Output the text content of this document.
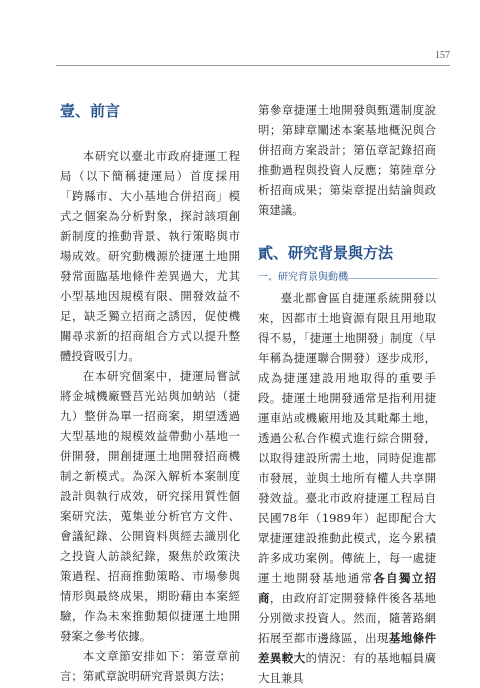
157
壹、前言

本研究以臺北市政府捷運工程局（以下簡稱捷運局）首度採用「跨縣市、大小基地合併招商」模式之個案為分析對象，探討該項創新制度的推動背景、執行策略與市場成效。研究動機源於捷運土地開發常面臨基地條件差異過大，尤其小型基地因規模有限、開發效益不足，缺乏獨立招商之誘因，促使機關尋求新的招商組合方式以提升整體投資吸引力。

在本研究個案中，捷運局嘗試將金城機廠暨莒光站與加蚋站（捷九）整併為單一招商案，期望透過大型基地的規模效益帶動小基地一併開發，開創捷運土地開發招商機制之新模式。為深入解析本案制度設計與執行成效，研究採用質性個案研究法，蒐集並分析官方文件、會議紀錄、公開資料與經去識別化之投資人訪談紀錄，聚焦於政策決策過程、招商推動策略、市場參與情形與最終成果，期盼藉由本案經驗，作為未來推動類似捷運土地開發案之參考依據。

本文章節安排如下：第壹章前言；第貳章說明研究背景與方法；

第參章捷運土地開發與甄選制度說明；第肆章闡述本案基地概況與合併招商方案設計；第伍章記錄招商推動過程與投資人反應；第陸章分析招商成果；第柒章提出結論與政策建議。

貳、研究背景與方法
一、研究背景與動機

臺北都會區自捷運系統開發以來，因都市土地資源有限且用地取得不易，「捷運土地開發」制度（早年稱為捷運聯合開發）逐步成形，成為捷運建設用地取得的重要手段。捷運土地開發通常是指利用捷運車站或機廠用地及其毗鄰土地，透過公私合作模式進行綜合開發，以取得建設所需土地，同時促進都市發展，並與土地所有權人共享開發效益。臺北市政府捷運工程局自民國78年（1989年）起即配合大眾捷運建設推動此模式，迄今累積許多成功案例。傳統上，每一處捷運土地開發基地通常各自獨立招商，由政府訂定開發條件後各基地分別徵求投資人。然而，隨著路網拓展至都市邊緣區，出現基地條件差異較大的情況：有的基地幅員廣大且兼具
